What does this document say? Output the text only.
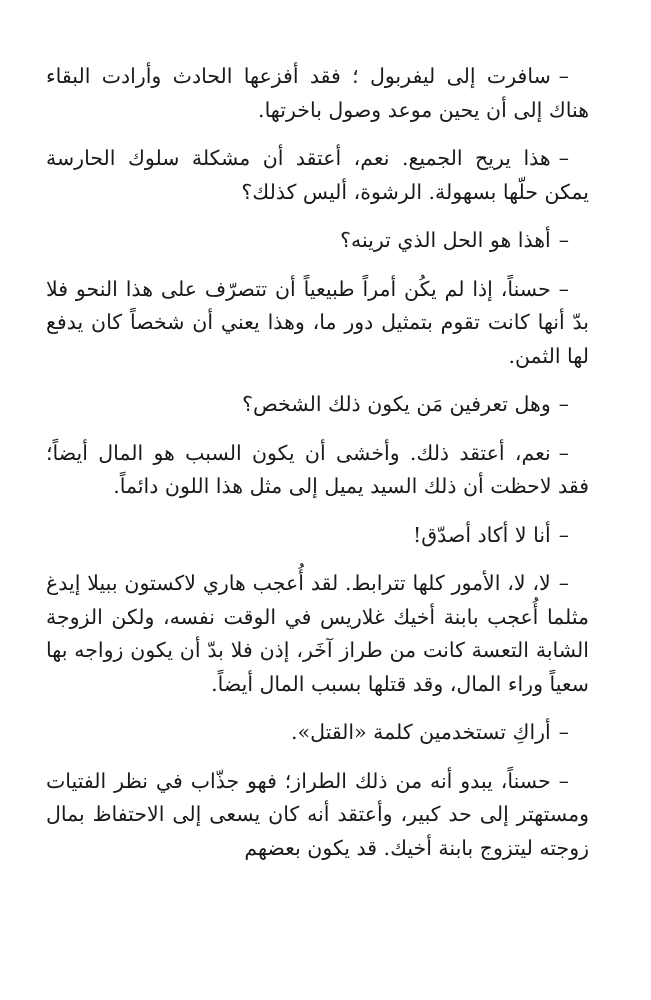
–سافرت إلى ليفربول ؛ فقد أفزعها الحادث وأرادت البقاء هناك إلى أن يحين موعد وصول باخرتها.

–هذا يريح الجميع. نعم، أعتقد أن مشكلة سلوك الحارسة يمكن حلّها بسهولة. الرشوة، أليس كذلك؟

–أهذا هو الحل الذي ترينه؟

–حسناً، إذا لم يكُن أمراً طبيعياً أن تتصرّف على هذا النحو فلا بدّ أنها كانت تقوم بتمثيل دور ما، وهذا يعني أن شخصاً كان يدفع لها الثمن.

–وهل تعرفين مَن يكون ذلك الشخص؟

–نعم، أعتقد ذلك. وأخشى أن يكون السبب هو المال أيضاً؛ فقد لاحظت أن ذلك السيد يميل إلى مثل هذا اللون دائماً.

–أنا لا أكاد أصدّق!

–لا، لا، الأمور كلها تترابط. لقد أُعجب هاري لاكستون ببيلا إيدغ مثلما أُعجب بابنة أخيك غلاريس في الوقت نفسه، ولكن الزوجة الشابة التعسة كانت من طراز آخَر، إذن فلا بدّ أن يكون زواجه بها سعياً وراء المال، وقد قتلها بسبب المال أيضاً.

–أراكِ تستخدمين كلمة «القتل».

–حسناً، يبدو أنه من ذلك الطراز؛ فهو جذّاب في نظر الفتيات ومستهتر إلى حد كبير، وأعتقد أنه كان يسعى إلى الاحتفاظ بمال زوجته ليتزوج بابنة أخيك. قد يكون بعضهم
